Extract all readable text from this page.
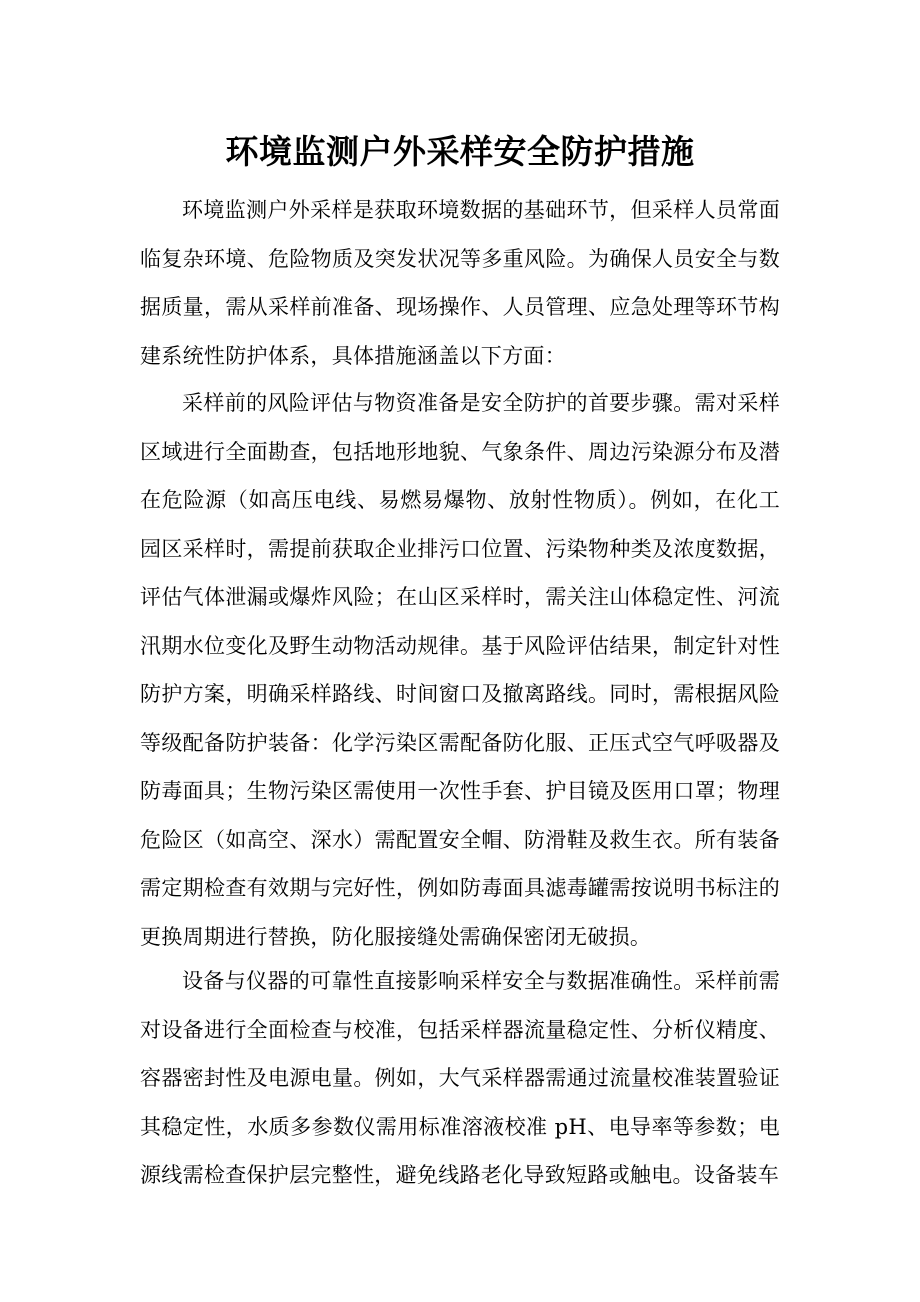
环境监测户外采样安全防护措施

环境监测户外采样是获取环境数据的基础环节，但采样人员常面临复杂环境、危险物质及突发状况等多重风险。为确保人员安全与数据质量，需从采样前准备、现场操作、人员管理、应急处理等环节构建系统性防护体系，具体措施涵盖以下方面：

采样前的风险评估与物资准备是安全防护的首要步骤。需对采样区域进行全面勘查，包括地形地貌、气象条件、周边污染源分布及潜在危险源（如高压电线、易燃易爆物、放射性物质）。例如，在化工园区采样时，需提前获取企业排污口位置、污染物种类及浓度数据，评估气体泄漏或爆炸风险；在山区采样时，需关注山体稳定性、河流汛期水位变化及野生动物活动规律。基于风险评估结果，制定针对性防护方案，明确采样路线、时间窗口及撤离路线。同时，需根据风险等级配备防护装备：化学污染区需配备防化服、正压式空气呼吸器及防毒面具；生物污染区需使用一次性手套、护目镜及医用口罩；物理危险区（如高空、深水）需配置安全帽、防滑鞋及救生衣。所有装备需定期检查有效期与完好性，例如防毒面具滤毒罐需按说明书标注的更换周期进行替换，防化服接缝处需确保密闭无破损。

设备与仪器的可靠性直接影响采样安全与数据准确性。采样前需对设备进行全面检查与校准，包括采样器流量稳定性、分析仪精度、容器密封性及电源电量。例如，大气采样器需通过流量校准装置验证其稳定性，水质多参数仪需用标准溶液校准 pH、电导率等参数；电源线需检查保护层完整性，避免线路老化导致短路或触电。设备装车
